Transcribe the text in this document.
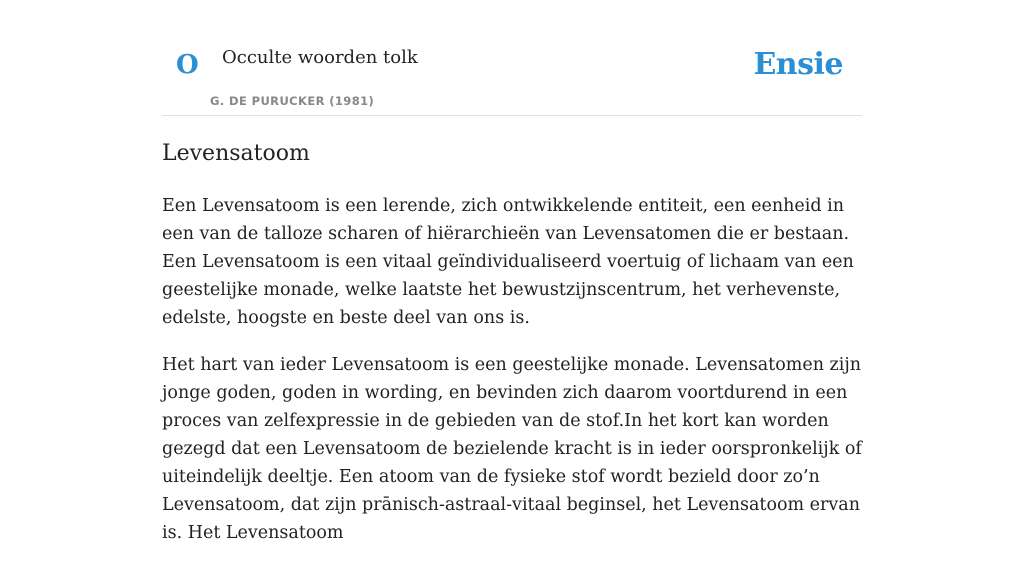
O Occulte woorden tolk
G. DE PURUCKER (1981)
Ensie
Levensatoom

Een Levensatoom is een lerende, zich ontwikkelende entiteit, een eenheid in een van de talloze scharen of hiërarchieën van Levensatomen die er bestaan. Een Levensatoom is een vitaal geïndividualiseerd voertuig of lichaam van een geestelijke monade, welke laatste het bewustzijnscentrum, het verhevenste, edelste, hoogste en beste deel van ons is.

Het hart van ieder Levensatoom is een geestelijke monade. Levensatomen zijn jonge goden, goden in wording, en bevinden zich daarom voortdurend in een proces van zelfexpressie in de gebieden van de stof.In het kort kan worden gezegd dat een Levensatoom de bezielende kracht is in ieder oorspronkelijk of uiteindelijk deeltje. Een atoom van de fysieke stof wordt bezield door zo’n Levensatoom, dat zijn prānisch-astraal-vitaal beginsel, het Levensatoom ervan is. Het Levensatoom
